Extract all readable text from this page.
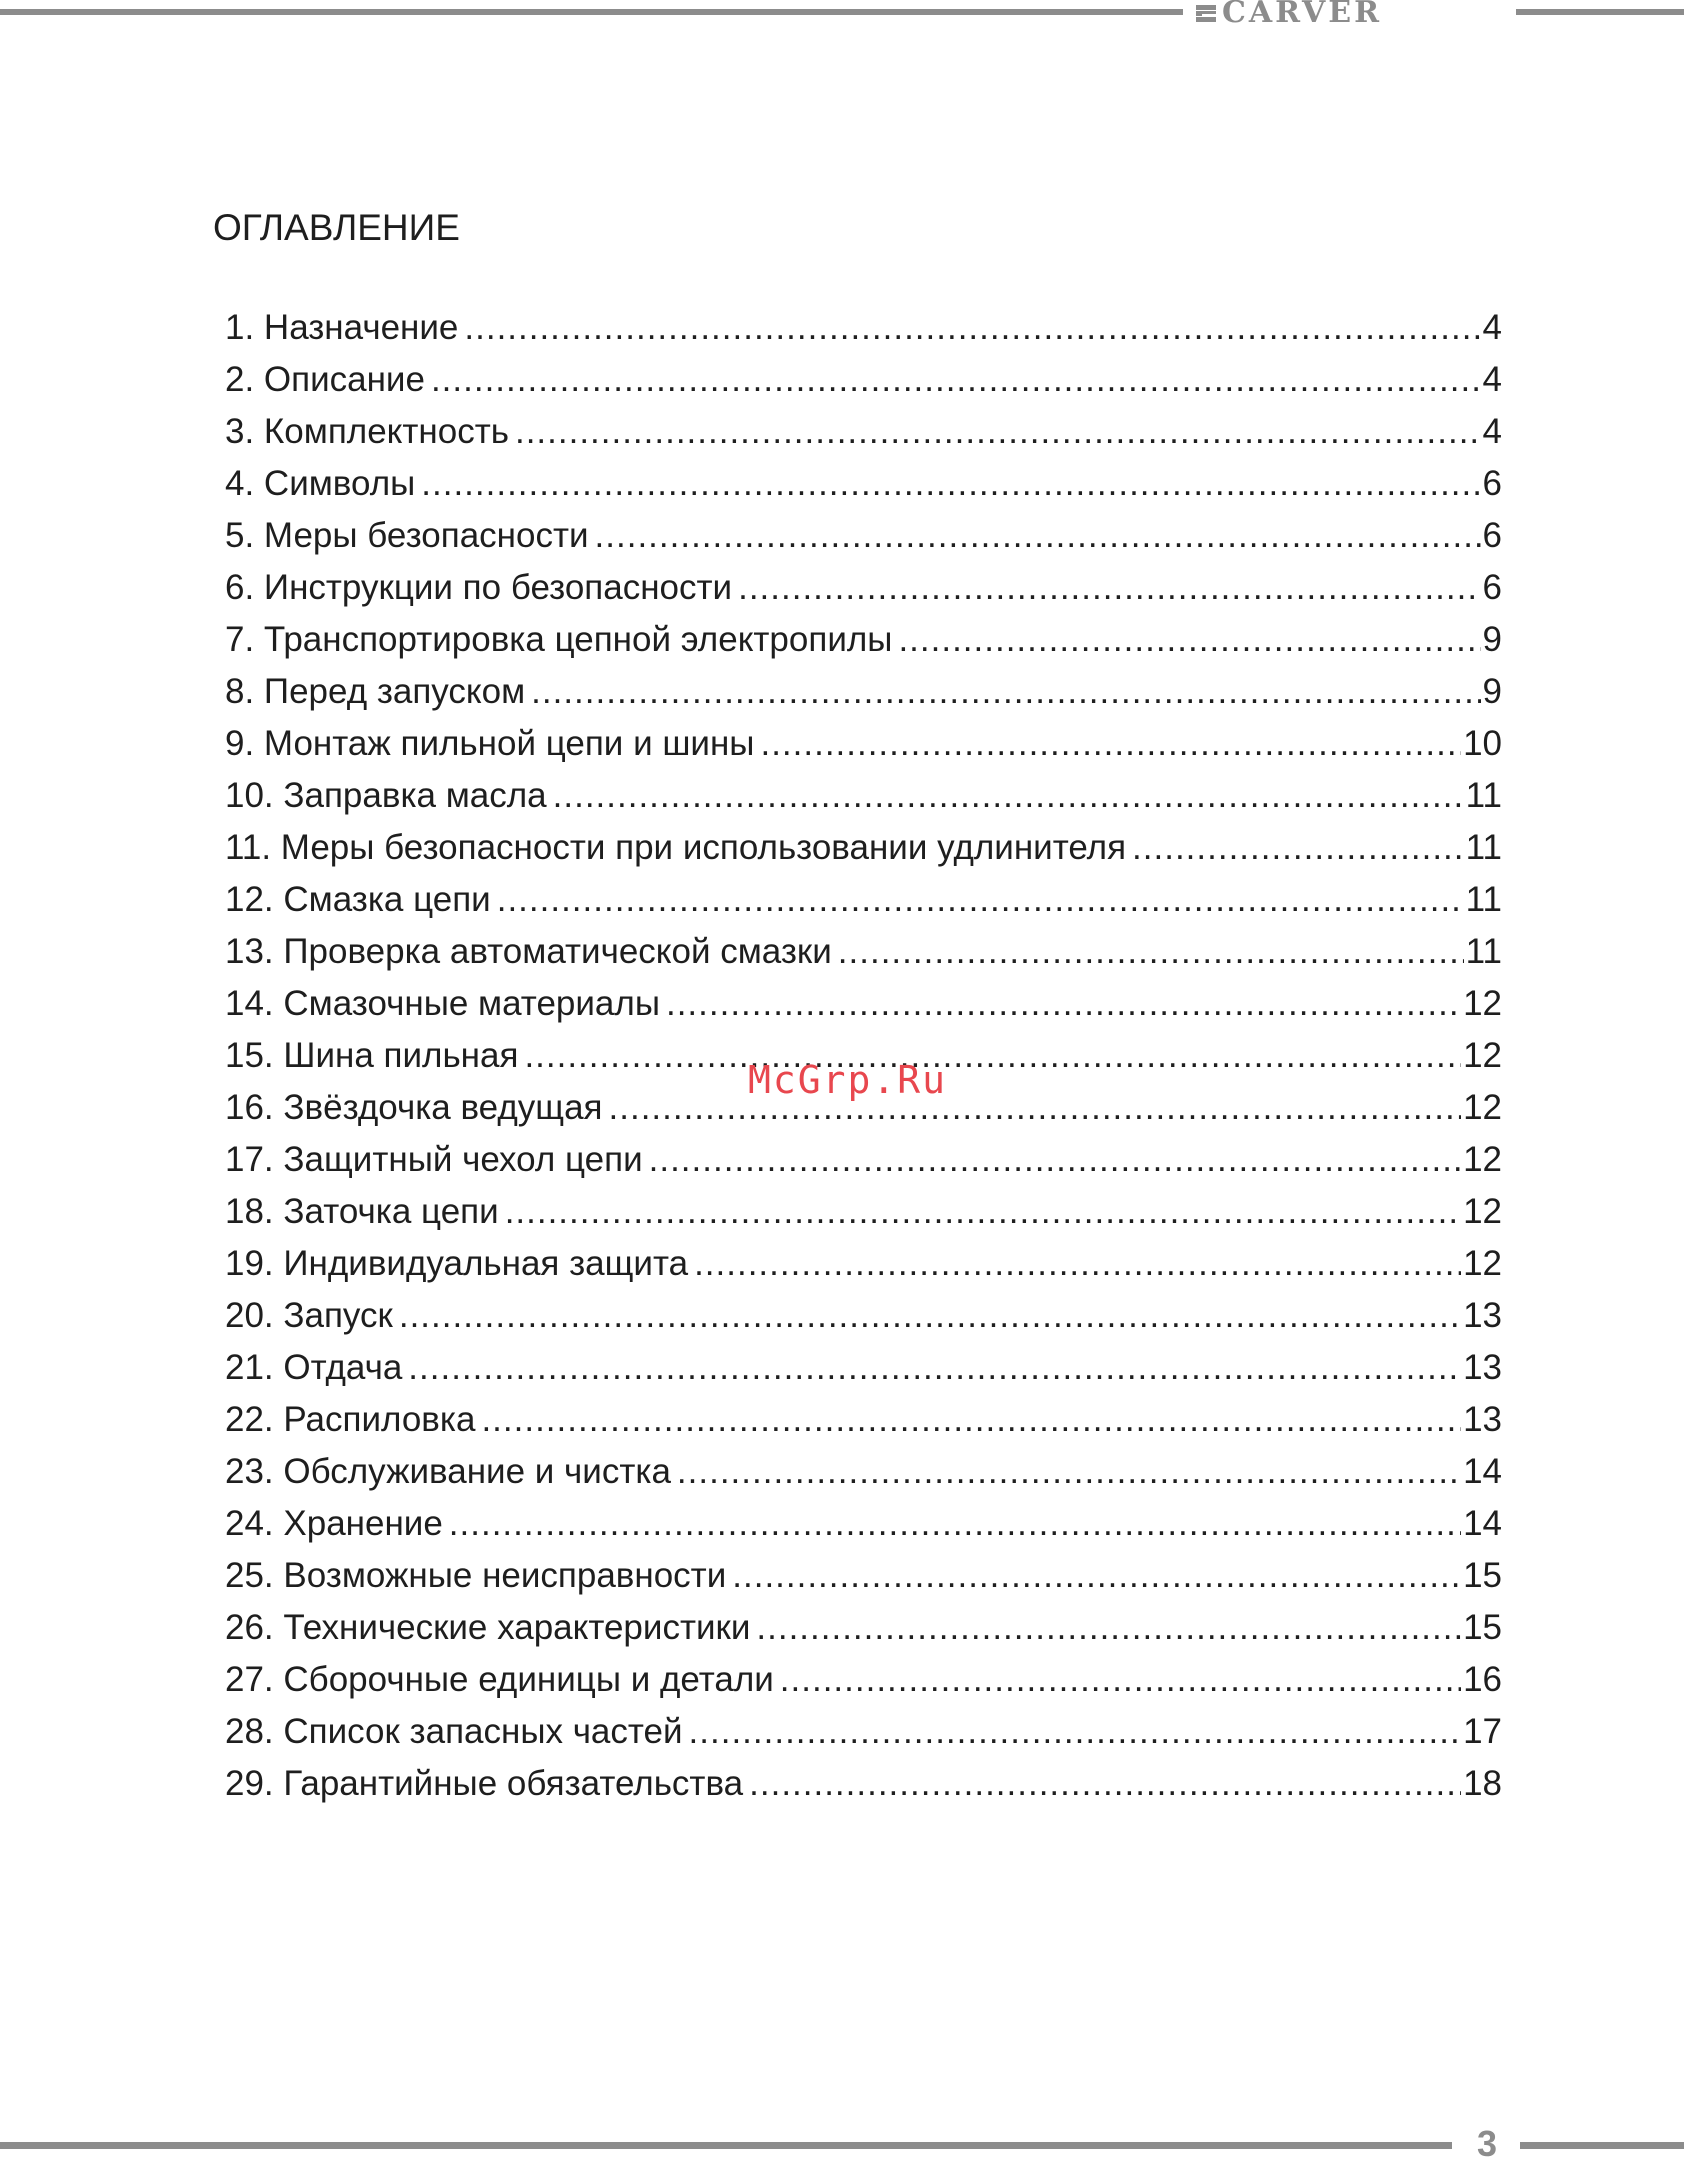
CARVER
ОГЛАВЛЕНИЕ
1. Назначение .....	4
2. Описание .....	4
3. Комплектность .....	4
4. Символы .....	6
5. Меры безопасности .....	6
6. Инструкции по безопасности .....	6
7. Транспортировка цепной электропилы .....	9
8. Перед запуском .....	9
9. Монтаж пильной цепи и шины .....	10
10. Заправка масла .....	11
11. Меры безопасности при использовании удлинителя .....	11
12. Смазка цепи .....	11
13. Проверка автоматической смазки .....	11
14. Смазочные материалы .....	12
15. Шина пильная .....	12
16. Звёздочка ведущая .....	12
17. Защитный чехол цепи .....	12
18. Заточка цепи .....	12
19. Индивидуальная защита .....	12
20. Запуск .....	13
21. Отдача .....	13
22. Распиловка .....	13
23. Обслуживание и чистка .....	14
24. Хранение .....	14
25. Возможные неисправности .....	15
26. Технические характеристики .....	15
27. Сборочные единицы и детали .....	16
28. Список запасных частей .....	17
29. Гарантийные обязательства .....	18
McGrp.Ru
3
